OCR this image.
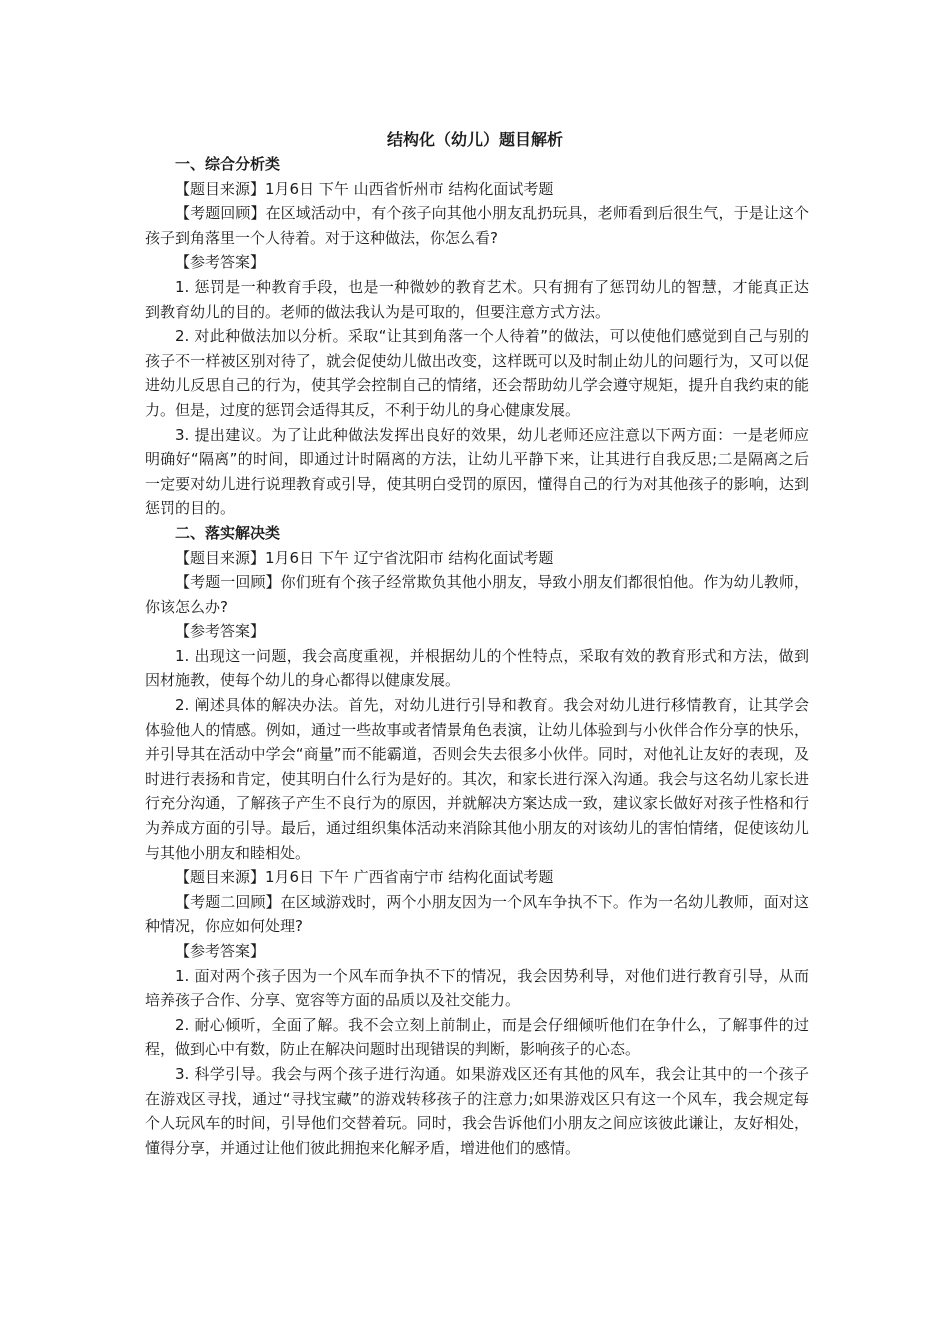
结构化（幼儿）题目解析

一、综合分析类

【题目来源】1月6日 下午 山西省忻州市 结构化面试考题

【考题回顾】在区域活动中，有个孩子向其他小朋友乱扔玩具，老师看到后很生气，于是让这个孩子到角落里一个人待着。对于这种做法，你怎么看?

【参考答案】

1. 惩罚是一种教育手段，也是一种微妙的教育艺术。只有拥有了惩罚幼儿的智慧，才能真正达到教育幼儿的目的。老师的做法我认为是可取的，但要注意方式方法。

2. 对此种做法加以分析。采取“让其到角落一个人待着”的做法，可以使他们感觉到自己与别的孩子不一样被区别对待了，就会促使幼儿做出改变，这样既可以及时制止幼儿的问题行为，又可以促进幼儿反思自己的行为，使其学会控制自己的情绪，还会帮助幼儿学会遵守规矩，提升自我约束的能力。但是，过度的惩罚会适得其反，不利于幼儿的身心健康发展。

3. 提出建议。为了让此种做法发挥出良好的效果，幼儿老师还应注意以下两方面：一是老师应明确好“隔离”的时间，即通过计时隔离的方法，让幼儿平静下来，让其进行自我反思;二是隔离之后一定要对幼儿进行说理教育或引导，使其明白受罚的原因，懂得自己的行为对其他孩子的影响，达到惩罚的目的。

二、落实解决类

【题目来源】1月6日 下午 辽宁省沈阳市 结构化面试考题

【考题一回顾】你们班有个孩子经常欺负其他小朋友，导致小朋友们都很怕他。作为幼儿教师，你该怎么办?

【参考答案】

1. 出现这一问题，我会高度重视，并根据幼儿的个性特点，采取有效的教育形式和方法，做到因材施教，使每个幼儿的身心都得以健康发展。

2. 阐述具体的解决办法。首先，对幼儿进行引导和教育。我会对幼儿进行移情教育，让其学会体验他人的情感。例如，通过一些故事或者情景角色表演，让幼儿体验到与小伙伴合作分享的快乐，并引导其在活动中学会“商量”而不能霸道，否则会失去很多小伙伴。同时，对他礼让友好的表现，及时进行表扬和肯定，使其明白什么行为是好的。其次，和家长进行深入沟通。我会与这名幼儿家长进行充分沟通，了解孩子产生不良行为的原因，并就解决方案达成一致，建议家长做好对孩子性格和行为养成方面的引导。最后，通过组织集体活动来消除其他小朋友的对该幼儿的害怕情绪，促使该幼儿与其他小朋友和睦相处。

【题目来源】1月6日 下午 广西省南宁市 结构化面试考题

【考题二回顾】在区域游戏时，两个小朋友因为一个风车争执不下。作为一名幼儿教师，面对这种情况，你应如何处理?

【参考答案】

1. 面对两个孩子因为一个风车而争执不下的情况，我会因势利导，对他们进行教育引导，从而培养孩子合作、分享、宽容等方面的品质以及社交能力。

2. 耐心倾听，全面了解。我不会立刻上前制止，而是会仔细倾听他们在争什么，了解事件的过程，做到心中有数，防止在解决问题时出现错误的判断，影响孩子的心态。

3. 科学引导。我会与两个孩子进行沟通。如果游戏区还有其他的风车，我会让其中的一个孩子在游戏区寻找，通过“寻找宝藏”的游戏转移孩子的注意力;如果游戏区只有这一个风车，我会规定每个人玩风车的时间，引导他们交替着玩。同时，我会告诉他们小朋友之间应该彼此谦让，友好相处，懂得分享，并通过让他们彼此拥抱来化解矛盾，增进他们的感情。
